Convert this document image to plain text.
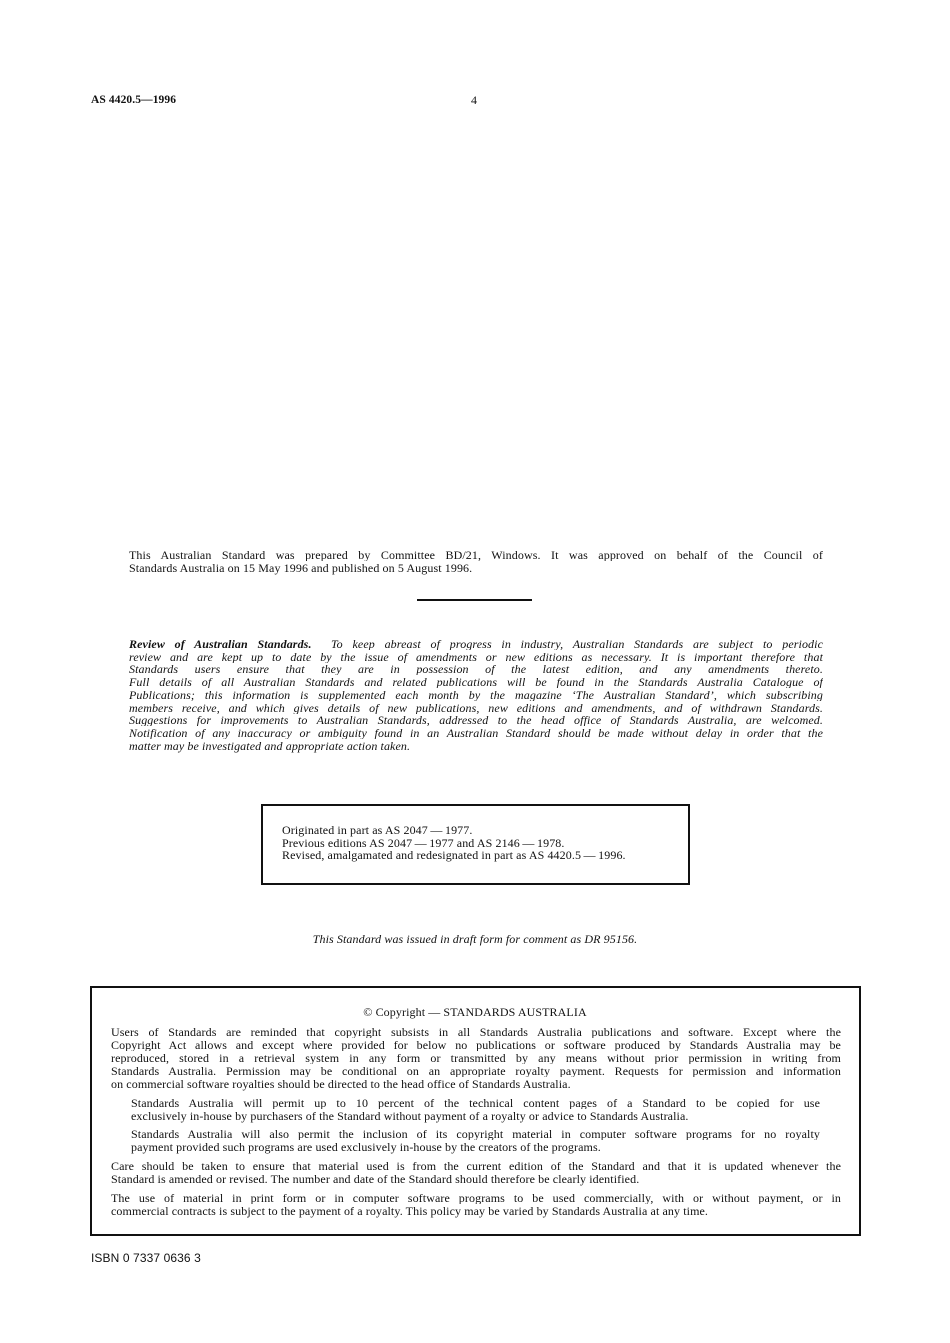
AS 4420.5—1996	4
This Australian Standard was prepared by Committee BD/21, Windows. It was approved on behalf of the Council of
Standards Australia on 15 May 1996 and published on 5 August 1996.
Review of Australian Standards. To keep abreast of progress in industry, Australian Standards are subject to periodic
review and are kept up to date by the issue of amendments or new editions as necessary. It is important therefore that
Standards users ensure that they are in possession of the latest edition, and any amendments thereto.
Full details of all Australian Standards and related publications will be found in the Standards Australia Catalogue of
Publications; this information is supplemented each month by the magazine ‘The Australian Standard’, which subscribing
members receive, and which gives details of new publications, new editions and amendments, and of withdrawn Standards.
Suggestions for improvements to Australian Standards, addressed to the head office of Standards Australia, are welcomed.
Notification of any inaccuracy or ambiguity found in an Australian Standard should be made without delay in order that the
matter may be investigated and appropriate action taken.
Originated in part as AS 2047 — 1977.
Previous editions AS 2047 — 1977 and AS 2146 — 1978.
Revised, amalgamated and redesignated in part as AS 4420.5 — 1996.
This Standard was issued in draft form for comment as DR 95156.
© Copyright — STANDARDS AUSTRALIA
Users of Standards are reminded that copyright subsists in all Standards Australia publications and software. Except where the
Copyright Act allows and except where provided for below no publications or software produced by Standards Australia may be
reproduced, stored in a retrieval system in any form or transmitted by any means without prior permission in writing from
Standards Australia. Permission may be conditional on an appropriate royalty payment. Requests for permission and information
on commercial software royalties should be directed to the head office of Standards Australia.
Standards Australia will permit up to 10 percent of the technical content pages of a Standard to be copied for use
exclusively in-house by purchasers of the Standard without payment of a royalty or advice to Standards Australia.
Standards Australia will also permit the inclusion of its copyright material in computer software programs for no royalty
payment provided such programs are used exclusively in-house by the creators of the programs.
Care should be taken to ensure that material used is from the current edition of the Standard and that it is updated whenever the
Standard is amended or revised. The number and date of the Standard should therefore be clearly identified.
The use of material in print form or in computer software programs to be used commercially, with or without payment, or in
commercial contracts is subject to the payment of a royalty. This policy may be varied by Standards Australia at any time.
ISBN 0 7337 0636 3
